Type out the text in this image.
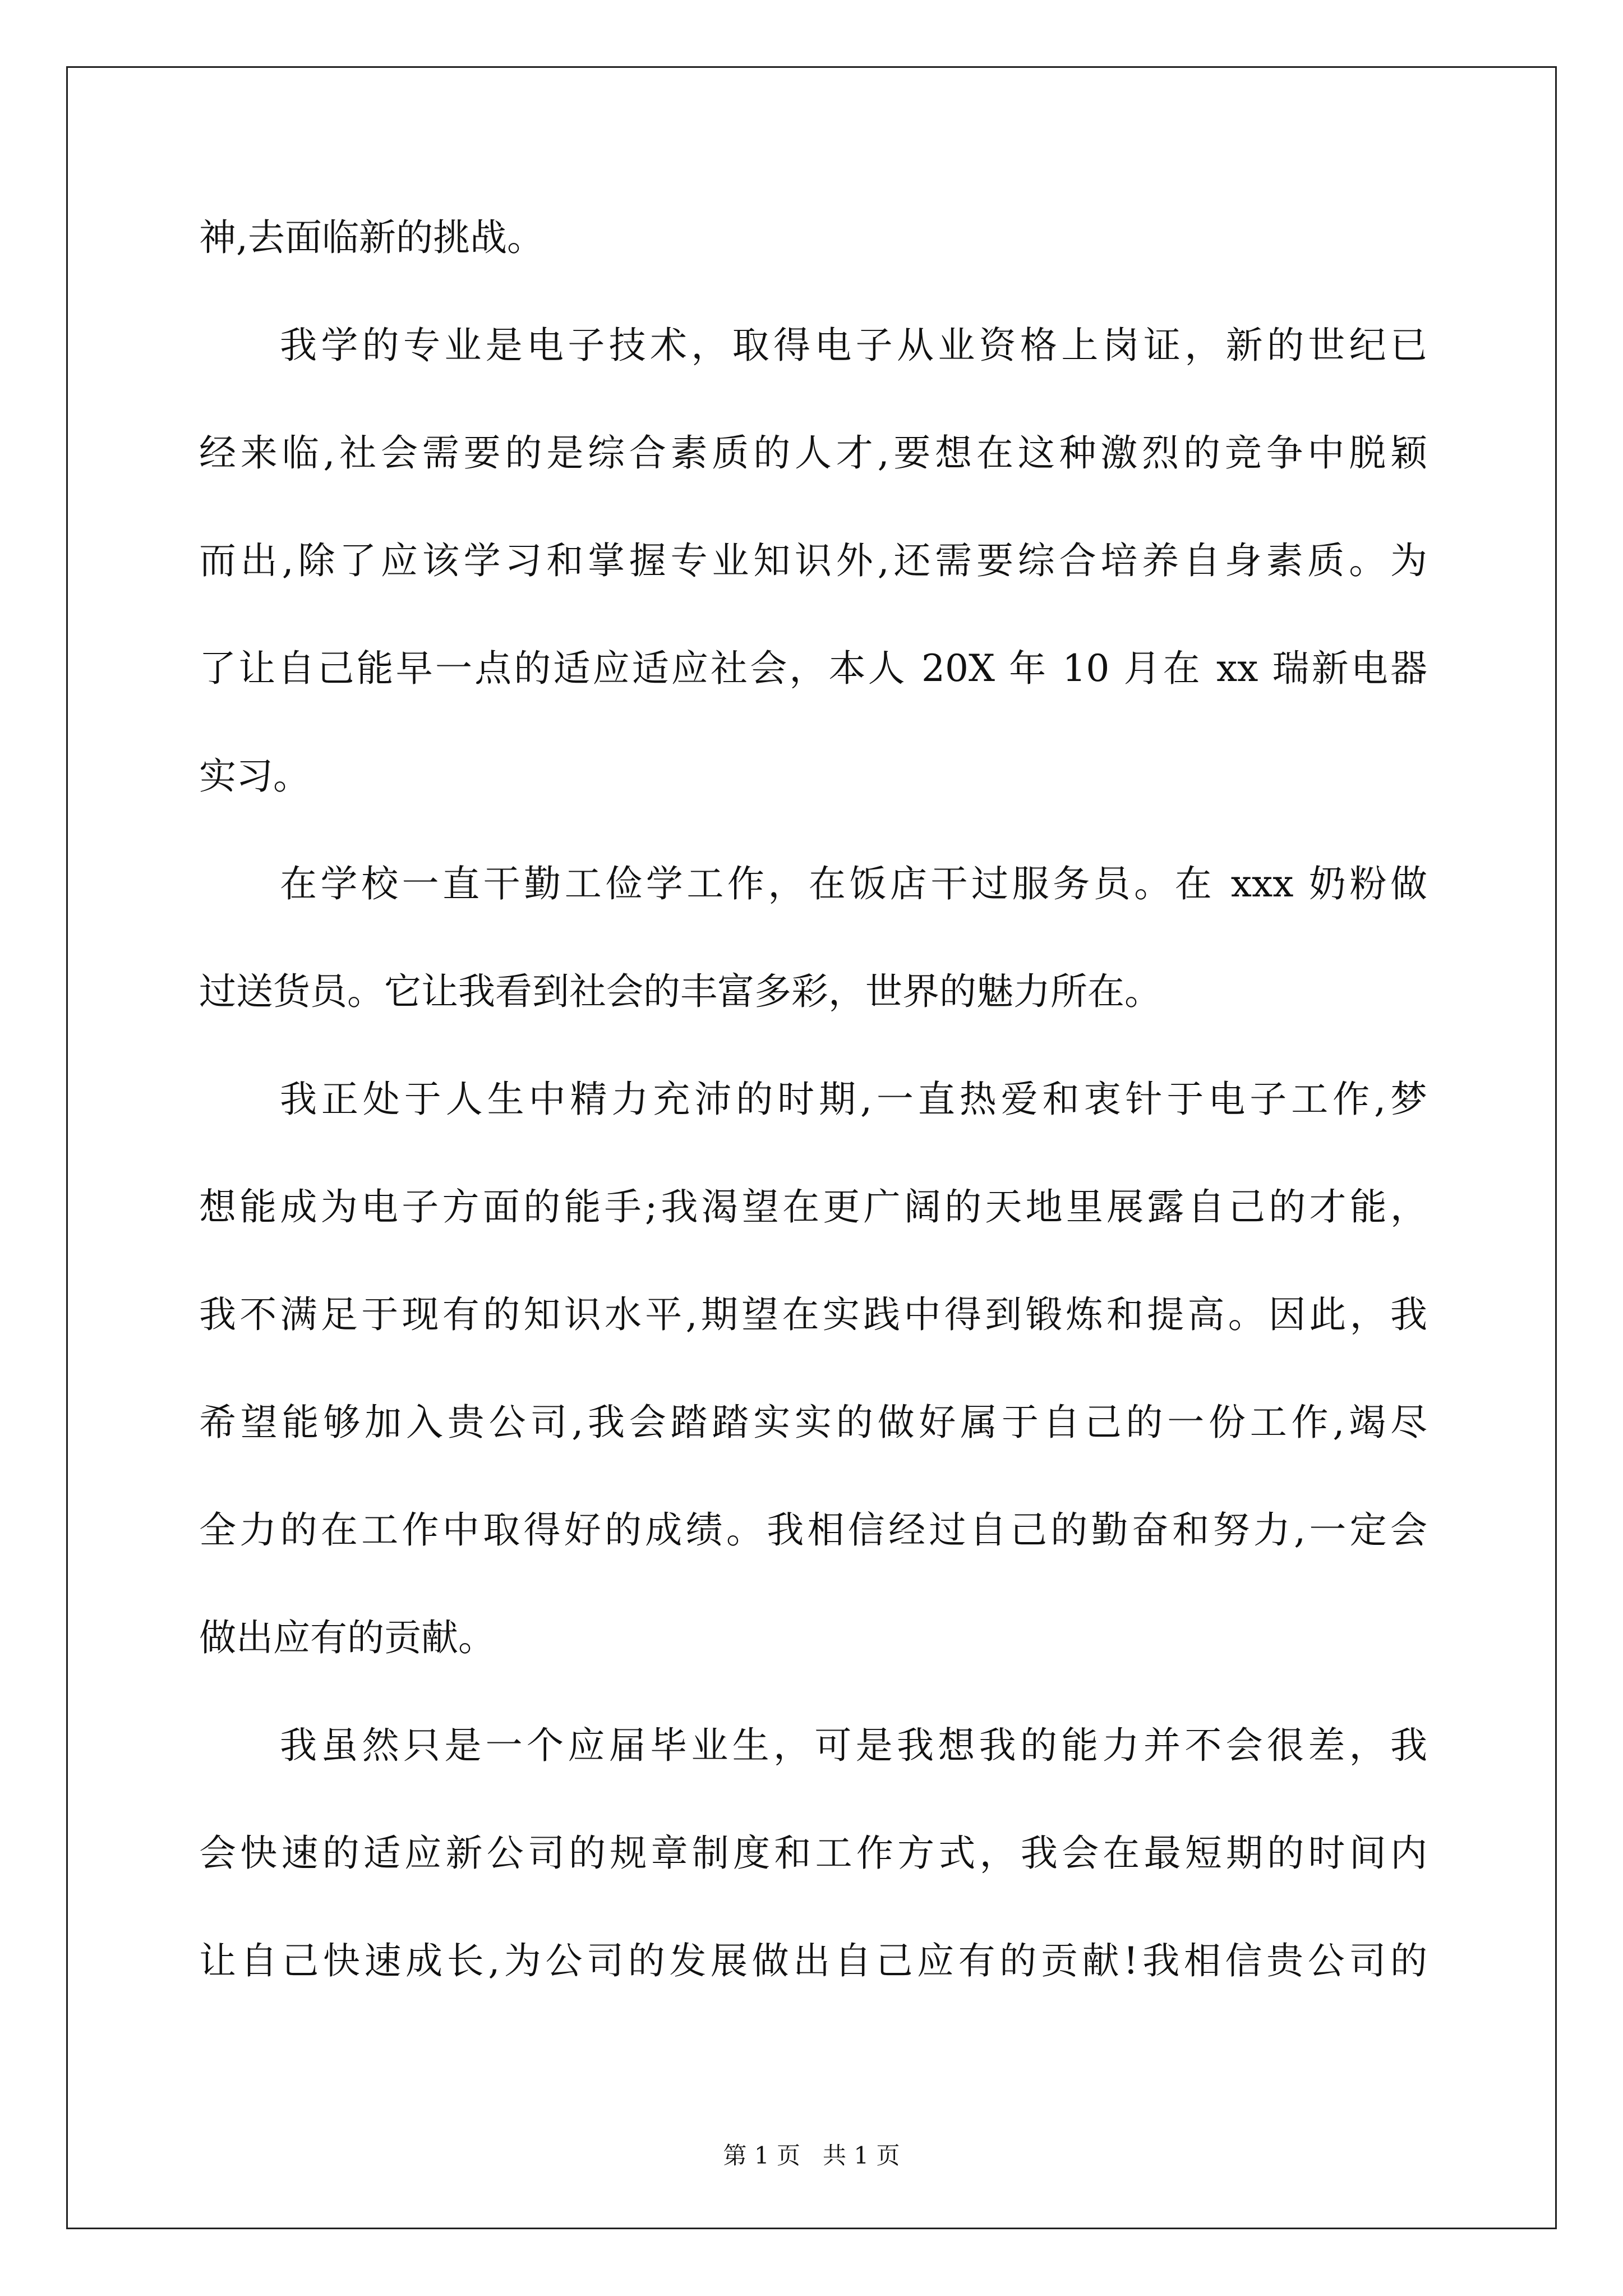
神,去面临新的挑战。
我学的专业是电子技术，取得电子从业资格上岗证，新的世纪已
经来临,社会需要的是综合素质的人才,要想在这种激烈的竞争中脱颖
而出,除了应该学习和掌握专业知识外,还需要综合培养自身素质。为
了让自己能早一点的适应适应社会，本人 20X 年 10 月在 xx 瑞新电器
实习。
在学校一直干勤工俭学工作，在饭店干过服务员。在 xxx 奶粉做
过送货员。它让我看到社会的丰富多彩，世界的魅力所在。
我正处于人生中精力充沛的时期,一直热爱和衷针于电子工作,梦
想能成为电子方面的能手;我渴望在更广阔的天地里展露自己的才能，
我不满足于现有的知识水平,期望在实践中得到锻炼和提高。因此，我
希望能够加入贵公司,我会踏踏实实的做好属于自己的一份工作,竭尽
全力的在工作中取得好的成绩。我相信经过自己的勤奋和努力,一定会
做出应有的贡献。
我虽然只是一个应届毕业生，可是我想我的能力并不会很差，我
会快速的适应新公司的规章制度和工作方式，我会在最短期的时间内
让自己快速成长,为公司的发展做出自己应有的贡献!我相信贵公司的
第 1 页   共 1 页
